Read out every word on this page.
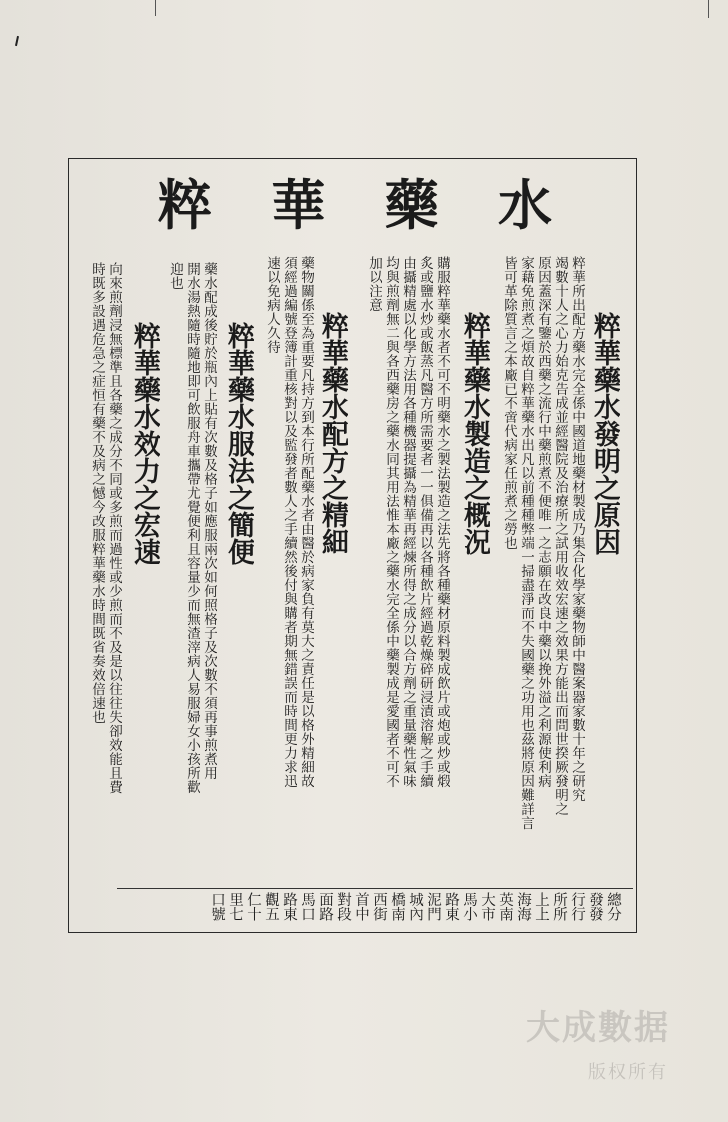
粹 華 藥 水
粹華藥水發明之原因
粹華所出配方藥水完全係中國道地藥材製成乃集合化學家藥物師中醫案器家數十年之研究
竭數十人之心力始克告成並經醫院及治療所之試用收效宏速之效果方能出而問世揆厥發明之
原因蓋深有鑒於西藥之流行中藥煎煮不便唯一之志願在改良中藥以挽外溢之利源使利病
家藉免煎煮之煩故自粹華藥水出凡以前種種弊端一掃盡淨而不失國藥之功用也茲將原因難詳言
皆可革除質言之本廠已不啻代病家任煎煮之勞也
粹華藥水製造之概況
購服粹華藥水者不可不明藥水之製法製造之法先將各種藥材原料製成飲片或炮或炒或煅
炙或鹽水炒或飯蒸凡醫方所需要者一一俱備再以各種飲片經過乾燥碎研浸漬溶解之手續
由攝精處以化學方法用各種機器提攝為精華再經煉所得之成分以合方劑之重量藥性氣味
均與煎劑無二與各西藥房之藥水同其用法惟本廠之藥水完全係中藥製成是愛國者不可不
加以注意
粹華藥水配方之精細
藥物關係至為重要凡持方到本行所配藥水者由醫於病家負有莫大之責任是以格外精細故
須經過編號登簿計重核對以及監發者數人之手續然後付與購者期無錯誤而時間更力求迅
速以免病人久待
粹華藥水服法之簡便
藥水配成後貯於瓶內上貼有次數及格子如應服兩次如何照格子及次數不須再事煎煮用
開水湯熱隨時隨地即可飲服舟車攜帶尤覺便利且容量少而無渣滓病人易服婦女小孩所歡
迎也
粹華藥水效力之宏速
向來煎劑浸無標準且各藥之成分不同或多煎而過性或少煎而不及是以往往失卻效能且費
時既多設遇危急之症恒有藥不及病之憾今改服粹華藥水時間既省奏效倍速也
總分
發發
行行
所所
上上
海海
英南
大市
馬小
路東
泥門
城內
橋南
西街
首中
對段
面路
馬口
路東
觀五
仁十
里七
口號
大成數据
版权所有
